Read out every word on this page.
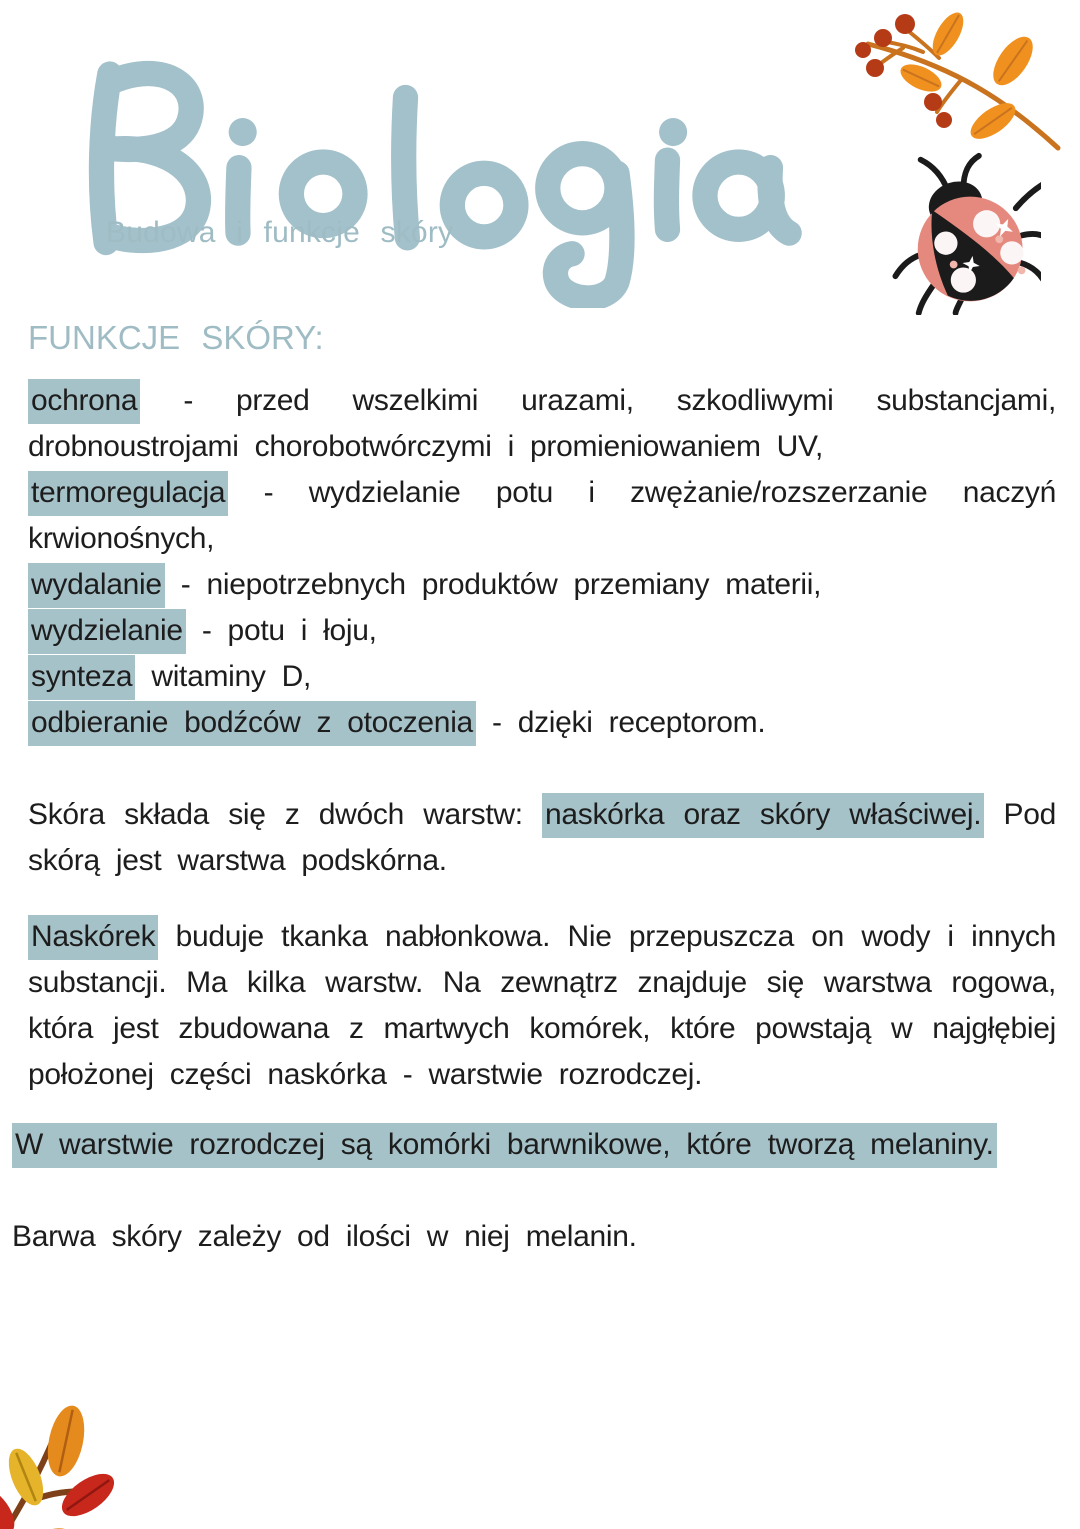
Budowa i funkcje skóry
FUNKCJE SKÓRY:
ochrona - przed wszelkimi urazami, szkodliwymi substancjami, drobnoustrojami chorobotwórczymi i promieniowaniem UV,
termoregulacja - wydzielanie potu i zwężanie/rozszerzanie naczyń krwionośnych,
wydalanie - niepotrzebnych produktów przemiany materii,
wydzielanie - potu i łoju,
synteza witaminy D,
odbieranie bodźców z otoczenia - dzięki receptorom.

Skóra składa się z dwóch warstw: naskórka oraz skóry właściwej. Pod skórą jest warstwa podskórna.

Naskórek buduje tkanka nabłonkowa. Nie przepuszcza on wody i innych substancji. Ma kilka warstw. Na zewnątrz znajduje się warstwa rogowa, która jest zbudowana z martwych komórek, które powstają w najgłębiej położonej części naskórka - warstwie rozrodczej.

W warstwie rozrodczej są komórki barwnikowe, które tworzą melaniny.

Barwa skóry zależy od ilości w niej melanin.
